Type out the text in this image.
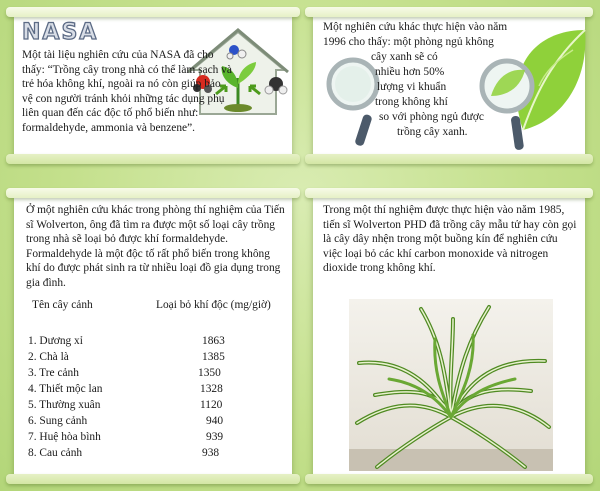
NASA
Một tài liệu nghiên cứu của NASA đã cho thấy: “Trồng cây trong nhà có thể làm sạch và trẻ hóa không khí, ngoài ra nó còn giúp bảo vệ con người tránh khỏi những tác dụng phụ liên quan đến các độc tố phổ biến như: formaldehyde, ammonia và benzene”.
Một nghiên cứu khác thực hiện vào năm
1996 cho thấy: một phòng ngủ không
cây xanh sẽ có
nhiều hơn 50%
lượng vi khuẩn
trong không khí
so với phòng ngủ được
trồng cây xanh.
Ở một nghiên cứu khác trong phòng thí nghiệm của Tiến sĩ Wolverton, ông đã tìm ra được một số loại cây trồng trong nhà sẽ loại bỏ được khí formaldehyde. Formaldehyde là một độc tố rất phổ biến trong không khí do được phát sinh ra từ nhiều loại đồ gia dụng trong gia đình.
Tên cây cảnh	Loại bỏ khí độc (mg/giờ)
1. Dương xỉ	1863
2. Chà là	1385
3. Tre cảnh	1350
4. Thiết mộc lan	1328
5. Thường xuân	1120
6. Sung cảnh	940
7. Huệ hòa bình	939
8. Cau cảnh	938
Trong một thí nghiệm được thực hiện vào năm 1985, tiến sĩ Wolverton PHD đã trồng cây mẫu tử hay còn gọi là cây dây nhện trong một buồng kín để nghiên cứu việc loại bỏ các khí carbon monoxide và nitrogen dioxide trong không khí.
